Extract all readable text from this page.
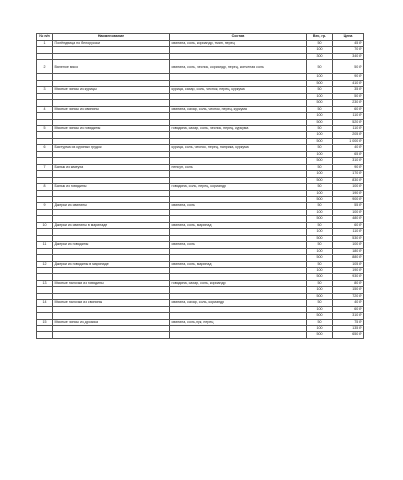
№ п/п	Наименование	Состав	Вес, гр.	Цена
1	Полёндвица по белорусски	свинина, соль, кориандр, тмин, перец	50	45 ₽
			100	70 ₽
			300	340 ₽
2	Вяленое мясо	свинина, соль, чеснок, кориандр, перец, копченая соль	50	50 ₽
			100	90 ₽
			500	410 ₽
3	Мясные чипсы из курицы	курица, сахар, соль, чеснок, перец, куркума	50	35 ₽
			100	50 ₽
			500	230 ₽
4	Мясные чипсы из свинины	свинина, сахар, соль, чеснок, перец, куркума	50	60 ₽
			100	110 ₽
			500	520 ₽
5	Мясные чипсы из говядины	говядина, сахар, соль, чеснок, перец, куркума	50	110 ₽
			100	205 ₽
			500	1 000 ₽
6	Бастурма из куриных грудок	курица, соль, чеснок, перец, паприка, куркума	50	40 ₽
			100	65 ₽
			500	310 ₽
7	Балык из жмеуха	пепсун, соль	50	90 ₽
			100	170 ₽
			500	830 ₽
8	Балык из говядины	говядина, соль, перец, кориандр	50	100 ₽
			100	190 ₽
			500	900 ₽
9	Джерки из свинины	свинина, соль	50	55 ₽
			100	100 ₽
			500	480 ₽
10	Джерки из свинины в маринаде	свинина, соль, маринад	50	60 ₽
			100	110 ₽
			500	530 ₽
11	Джерки из говядины	свинина, соль	50	100 ₽
			100	180 ₽
			500	880 ₽
12	Джерки из говядины в маринаде	свинина, соль, маринад	50	105 ₽
			100	190 ₽
			500	930 ₽
13	Мясные палочки из говядины	говядина, сахар, соль, кориандр	50	80 ₽
			100	150 ₽
			500	720 ₽
14	Мясные палочки из свинины	свинина, сахар, соль, кориандр	50	40 ₽
			100	60 ₽
			500	310 ₽
15	Мясные чипсы из дрозика	свинина, соль,лук, перец	50	75 ₽
			100	135 ₽
			500	650 ₽
